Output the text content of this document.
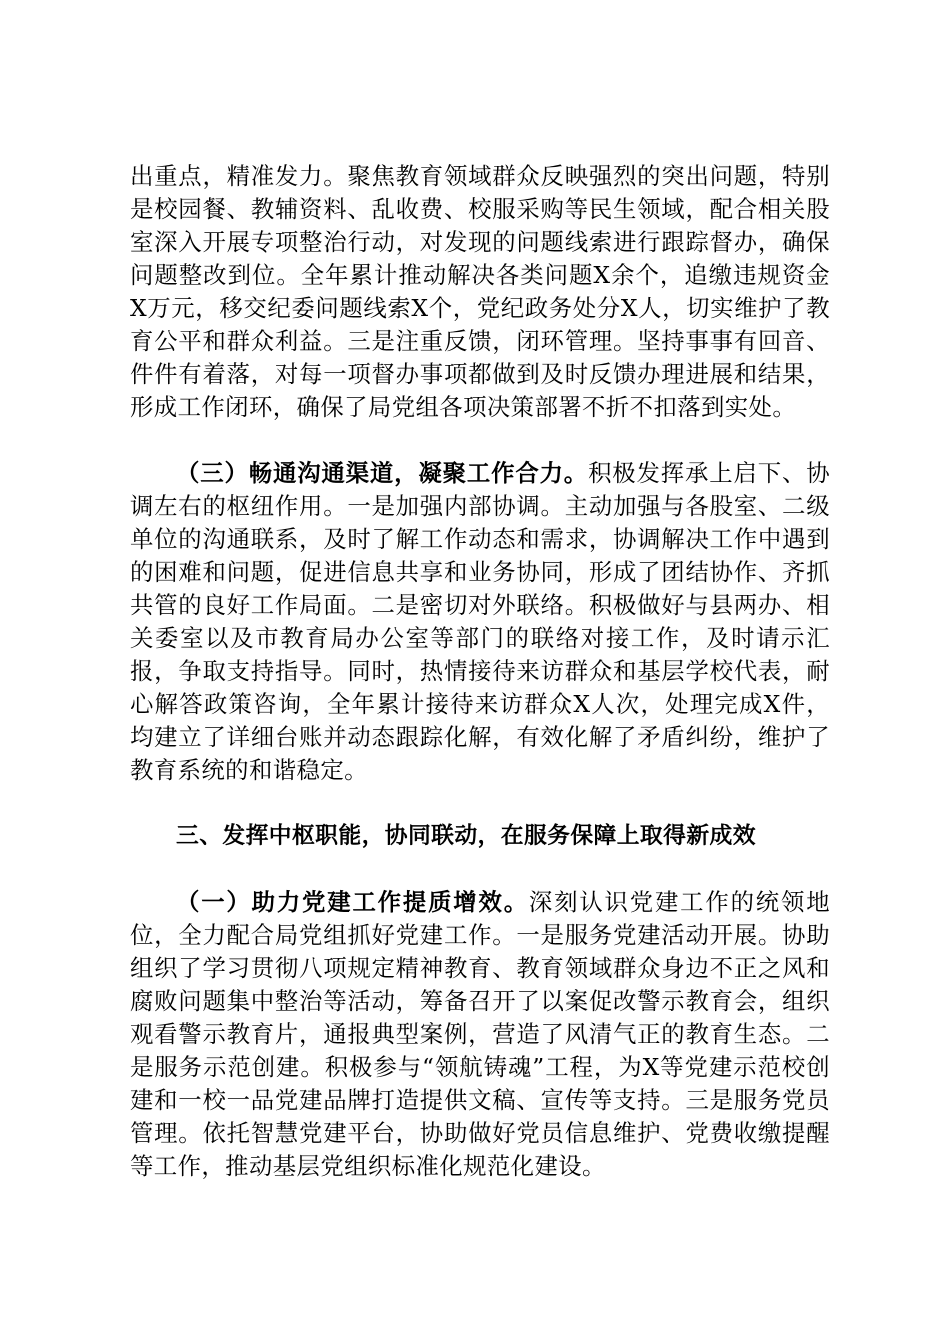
出重点，精准发力。聚焦教育领域群众反映强烈的突出问题，特别是校园餐、教辅资料、乱收费、校服采购等民生领域，配合相关股室深入开展专项整治行动，对发现的问题线索进行跟踪督办，确保问题整改到位。全年累计推动解决各类问题X余个，追缴违规资金X万元，移交纪委问题线索X个，党纪政务处分X人，切实维护了教育公平和群众利益。三是注重反馈，闭环管理。坚持事事有回音、件件有着落，对每一项督办事项都做到及时反馈办理进展和结果，形成工作闭环，确保了局党组各项决策部署不折不扣落到实处。

（三）畅通沟通渠道，凝聚工作合力。积极发挥承上启下、协调左右的枢纽作用。一是加强内部协调。主动加强与各股室、二级单位的沟通联系，及时了解工作动态和需求，协调解决工作中遇到的困难和问题，促进信息共享和业务协同，形成了团结协作、齐抓共管的良好工作局面。二是密切对外联络。积极做好与县两办、相关委室以及市教育局办公室等部门的联络对接工作，及时请示汇报，争取支持指导。同时，热情接待来访群众和基层学校代表，耐心解答政策咨询，全年累计接待来访群众X人次，处理完成X件，均建立了详细台账并动态跟踪化解，有效化解了矛盾纠纷，维护了教育系统的和谐稳定。

三、发挥中枢职能，协同联动，在服务保障上取得新成效

（一）助力党建工作提质增效。深刻认识党建工作的统领地位，全力配合局党组抓好党建工作。一是服务党建活动开展。协助组织了学习贯彻八项规定精神教育、教育领域群众身边不正之风和腐败问题集中整治等活动，筹备召开了以案促改警示教育会，组织观看警示教育片，通报典型案例，营造了风清气正的教育生态。二是服务示范创建。积极参与“领航铸魂”工程，为X等党建示范校创建和一校一品党建品牌打造提供文稿、宣传等支持。三是服务党员管理。依托智慧党建平台，协助做好党员信息维护、党费收缴提醒等工作，推动基层党组织标准化规范化建设。
